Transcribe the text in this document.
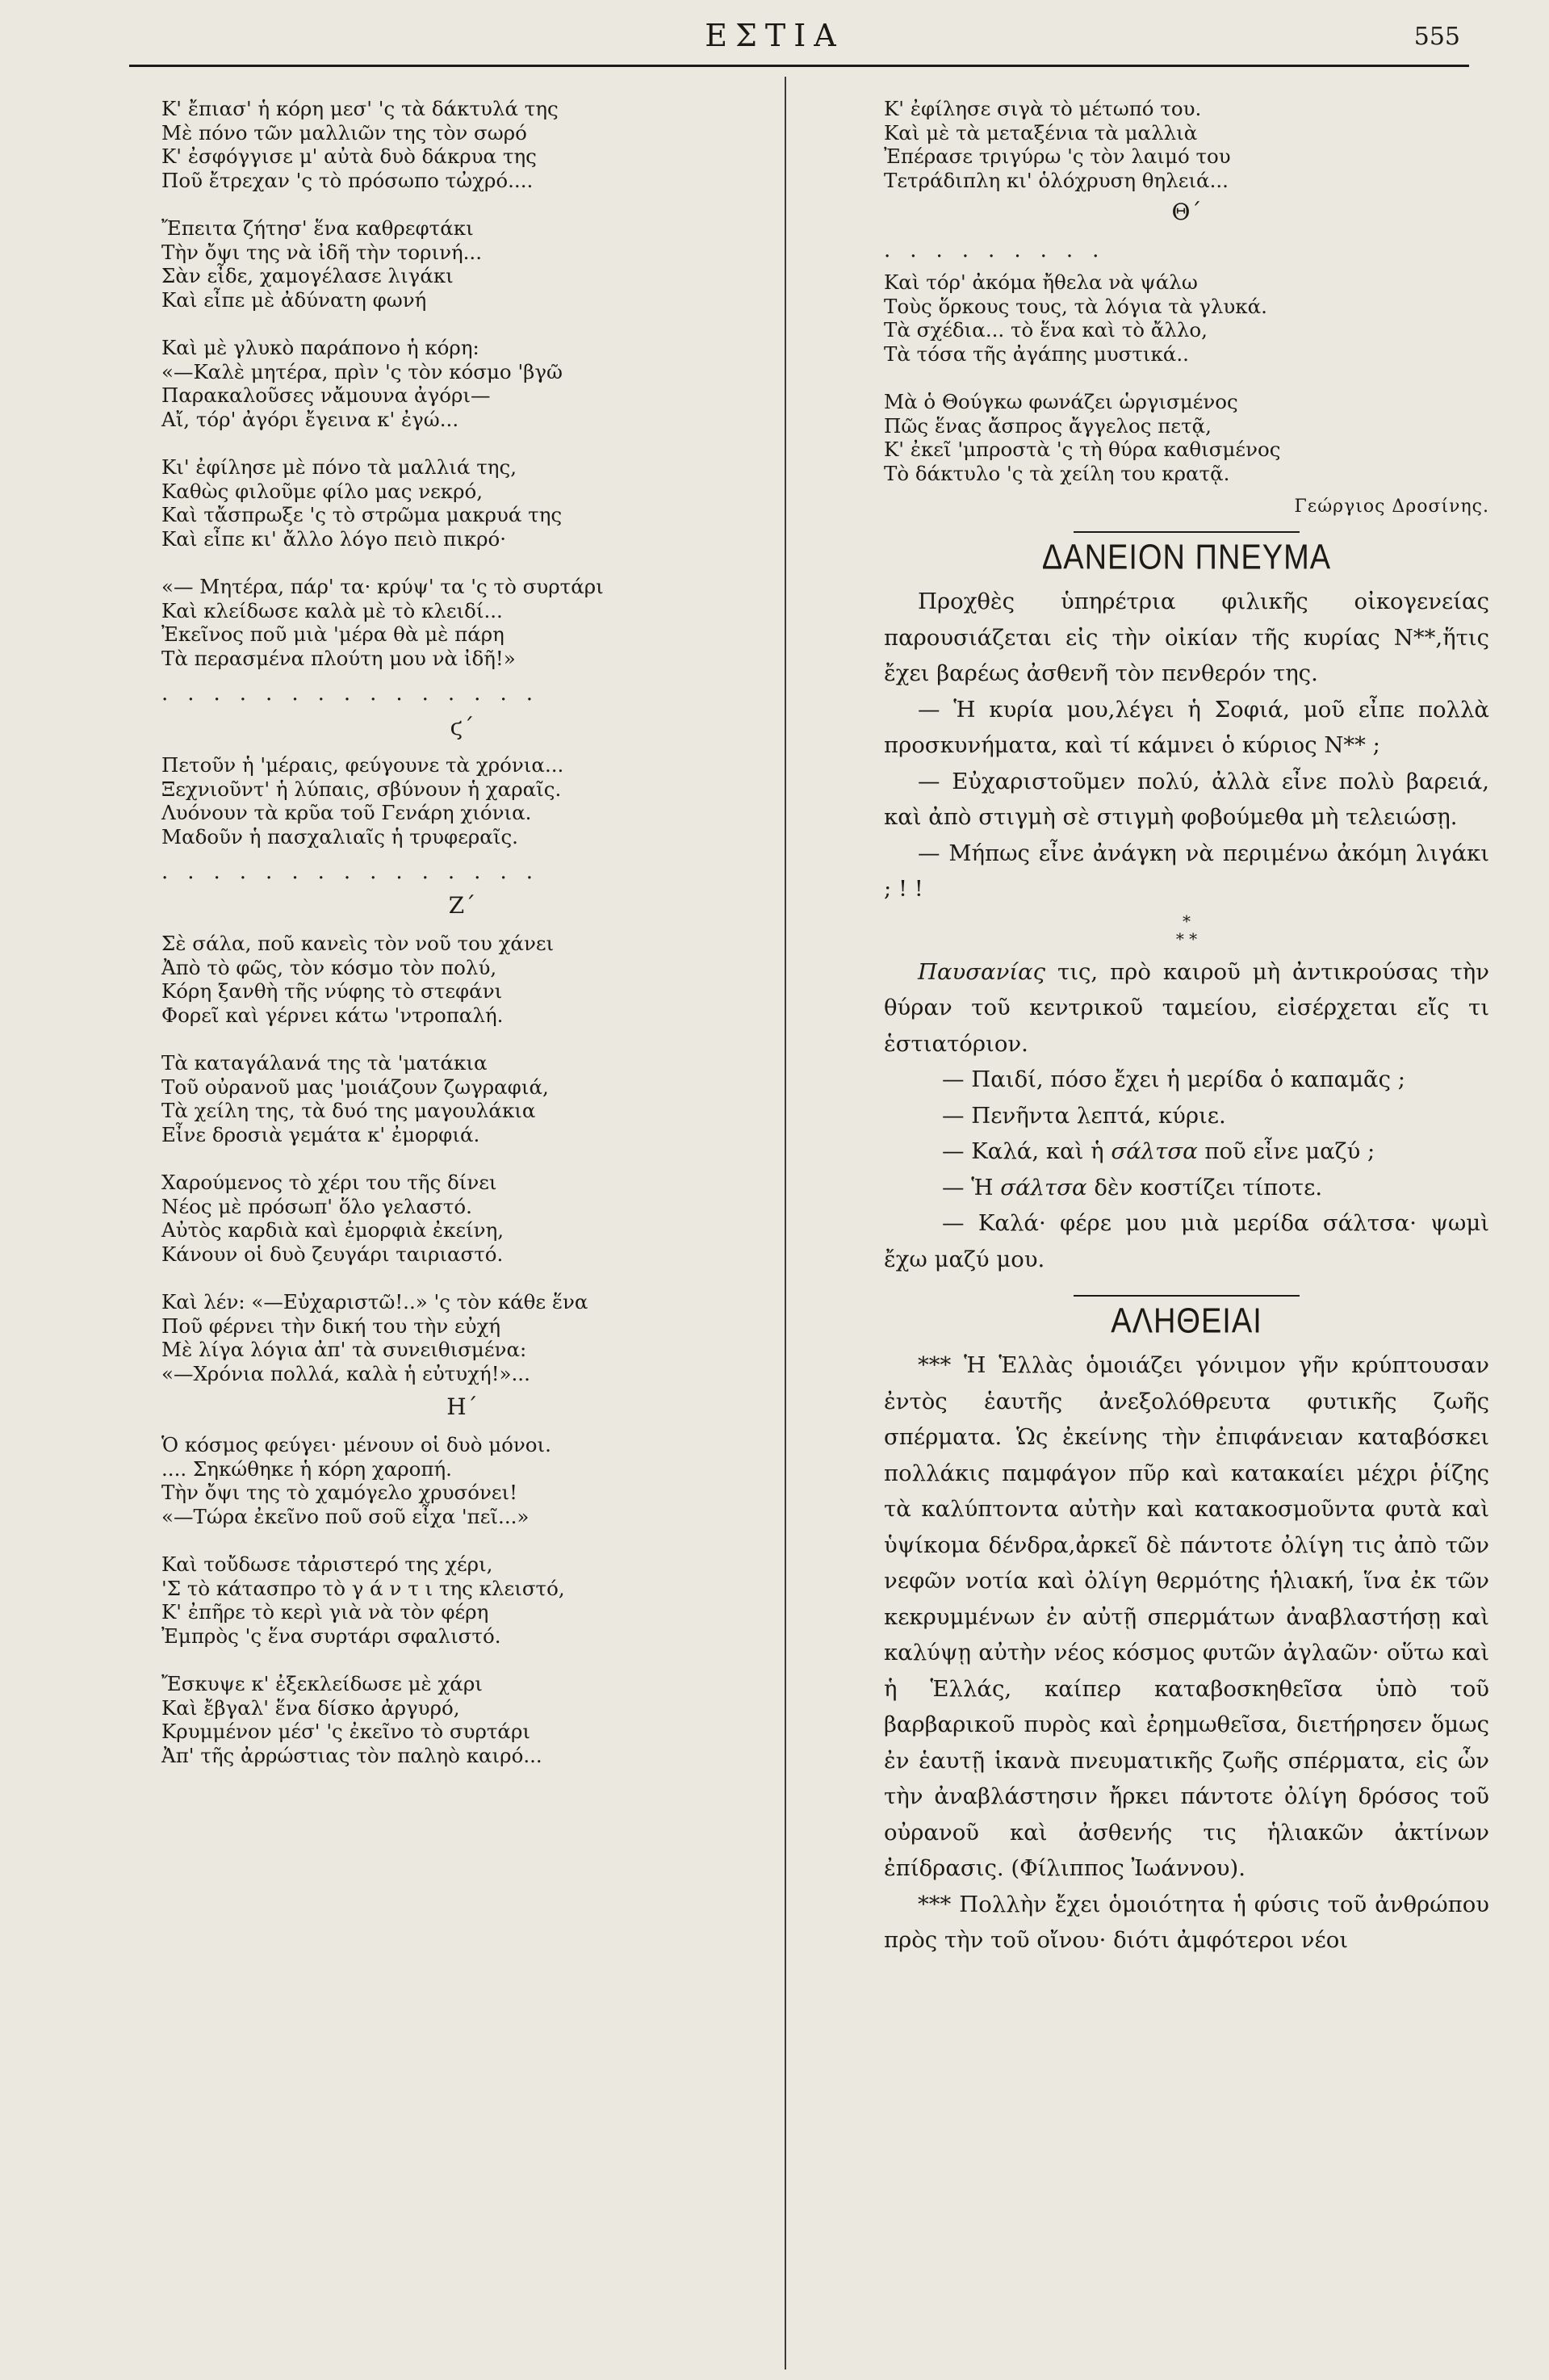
ΕΣΤΙΑ	555

Κ' ἔπιασ' ἡ κόρη μεσ' 'ς τὰ δάκτυλά της

Μὲ πόνο τῶν μαλλιῶν της τὸν σωρό

Κ' ἐσφόγγισε μ' αὐτὰ δυὸ δάκρυα της

Ποῦ ἔτρεχαν 'ς τὸ πρόσωπο τὠχρό....

Ἔπειτα ζήτησ' ἕνα καθρεφτάκι

Τὴν ὄψι της νὰ ἰδῆ τὴν τορινή...

Σὰν εἶδε, χαμογέλασε λιγάκι

Καὶ εἶπε μὲ ἀδύνατη φωνή

Καὶ μὲ γλυκὸ παράπονο ἡ κόρη:

«—Καλὲ μητέρα, πρὶν 'ς τὸν κόσμο 'βγῶ

Παρακαλοῦσες νἄμουνα ἀγόρι—

Αἴ, τόρ' ἀγόρι ἔγεινα κ' ἐγώ...

Κι' ἐφίλησε μὲ πόνο τὰ μαλλιά της,

Καθὼς φιλοῦμε φίλο μας νεκρό,

Καὶ τἄσπρωξε 'ς τὸ στρῶμα μακρυά της

Καὶ εἶπε κι' ἄλλο λόγο πειὸ πικρό·

«— Μητέρα, πάρ' τα· κρύψ' τα 'ς τὸ συρτάρι

Καὶ κλείδωσε καλὰ μὲ τὸ κλειδί...

Ἐκεῖνος ποῦ μιὰ 'μέρα θὰ μὲ πάρη

Τὰ περασμένα πλούτη μου νὰ ἰδῆ!»

...............
ϛ΄

Πετοῦν ἡ 'μέραις, φεύγουνε τὰ χρόνια...

Ξεχνιοῦντ' ἡ λύπαις, σβύνουν ἡ χαραῖς.

Λυόνουν τὰ κρῦα τοῦ Γενάρη χιόνια.

Μαδοῦν ἡ πασχαλιαῖς ἡ τρυφεραῖς.

...............
Ζ΄

Σὲ σάλα, ποῦ κανεὶς τὸν νοῦ του χάνει

Ἀπὸ τὸ φῶς, τὸν κόσμο τὸν πολύ,

Κόρη ξανθὴ τῆς νύφης τὸ στεφάνι

Φορεῖ καὶ γέρνει κάτω 'ντροπαλή.

Τὰ καταγάλανά της τὰ 'ματάκια

Τοῦ οὐρανοῦ μας 'μοιάζουν ζωγραφιά,

Τὰ χείλη της, τὰ δυό της μαγουλάκια

Εἶνε δροσιὰ γεμάτα κ' ἐμορφιά.

Χαρούμενος τὸ χέρι του τῆς δίνει

Νέος μὲ πρόσωπ' ὅλο γελαστό.

Αὐτὸς καρδιὰ καὶ ἐμορφιὰ ἐκείνη,

Κάνουν οἱ δυὸ ζευγάρι ταιριαστό.

Καὶ λέν: «—Εὐχαριστῶ!..» 'ς τὸν κάθε ἕνα

Ποῦ φέρνει τὴν δική του τὴν εὐχή

Μὲ λίγα λόγια ἀπ' τὰ συνειθισμένα:

«—Χρόνια πολλά, καλὰ ἡ εὐτυχή!»...

Η΄

Ὁ κόσμος φεύγει· μένουν οἱ δυὸ μόνοι.

.... Σηκώθηκε ἡ κόρη χαροπή.

Τὴν ὄψι της τὸ χαμόγελο χρυσόνει!

«—Τώρα ἐκεῖνο ποῦ σοῦ εἶχα 'πεῖ...»

Καὶ τοὔδωσε τἀριστερό της χέρι,

'Σ τὸ κάτασπρο τὸ γ ά ν τ ι της κλειστό,

Κ' ἐπῆρε τὸ κερὶ γιὰ νὰ τὸν φέρη

Ἐμπρὸς 'ς ἕνα συρτάρι σφαλιστό.

Ἔσκυψε κ' ἐξεκλείδωσε μὲ χάρι

Καὶ ἔβγαλ' ἕνα δίσκο ἀργυρό,

Κρυμμένον μέσ' 'ς ἐκεῖνο τὸ συρτάρι

Ἀπ' τῆς ἀρρώστιας τὸν παληὸ καιρό...

Κ' ἐφίλησε σιγὰ τὸ μέτωπό του.

Καὶ μὲ τὰ μεταξένια τὰ μαλλιὰ

Ἐπέρασε τριγύρω 'ς τὸν λαιμό του

Τετράδιπλη κι' ὁλόχρυση θηλειά...

Θ΄
.........

Καὶ τόρ' ἀκόμα ἤθελα νὰ ψάλω

Τοὺς ὅρκους τους, τὰ λόγια τὰ γλυκά.

Τὰ σχέδια... τὸ ἕνα καὶ τὸ ἄλλο,

Τὰ τόσα τῆς ἀγάπης μυστικά..

Μὰ ὁ Θούγκω φωνάζει ὡργισμένος

Πῶς ἕνας ἄσπρος ἄγγελος πετᾷ,

Κ' ἐκεῖ 'μπροστὰ 'ς τὴ θύρα καθισμένος

Τὸ δάκτυλο 'ς τὰ χείλη του κρατᾷ.

Γεώργιος Δροσίνης.
ΔΑΝΕΙΟΝ ΠΝΕΥΜΑ

Προχθὲς ὑπηρέτρια φιλικῆς οἰκογενείας παρουσιάζεται εἰς τὴν οἰκίαν τῆς κυρίας Ν**,ἥτις ἔχει βαρέως ἀσθενῆ τὸν πενθερόν της.

— Ἡ κυρία μου,λέγει ἡ Σοφιά, μοῦ εἶπε πολλὰ προσκυνήματα, καὶ τί κάμνει ὁ κύριος Ν** ;

— Εὐχαριστοῦμεν πολύ, ἀλλὰ εἶνε πολὺ βαρειά, καὶ ἀπὸ στιγμὴ σὲ στιγμὴ φοβούμεθα μὴ τελειώσῃ.

— Μήπως εἶνε ἀνάγκη νὰ περιμένω ἀκόμη λιγάκι ; ! !

*
* *

Παυσανίας τις, πρὸ καιροῦ μὴ ἀντικρούσας τὴν θύραν τοῦ κεντρικοῦ ταμείου, εἰσέρχεται εἴς τι ἑστιατόριον.

— Παιδί, πόσο ἔχει ἡ μερίδα ὁ καπαμᾶς ;

— Πενῆντα λεπτά, κύριε.

— Καλά, καὶ ἡ σάλτσα ποῦ εἶνε μαζύ ;

— Ἡ σάλτσα δὲν κοστίζει τίποτε.

— Καλά· φέρε μου μιὰ μερίδα σάλτσα· ψωμὶ ἔχω μαζύ μου.

ΑΛΗΘΕΙΑΙ

*** Ἡ Ἑλλὰς ὁμοιάζει γόνιμον γῆν κρύπτουσαν ἐντὸς ἑαυτῆς ἀνεξολόθρευτα φυτικῆς ζωῆς σπέρματα. Ὡς ἐκείνης τὴν ἐπιφάνειαν καταβόσκει πολλάκις παμφάγον πῦρ καὶ κατακαίει μέχρι ῥίζης τὰ καλύπτοντα αὐτὴν καὶ κατακοσμοῦντα φυτὰ καὶ ὑψίκομα δένδρα,ἀρκεῖ δὲ πάντοτε ὀλίγη τις ἀπὸ τῶν νεφῶν νοτία καὶ ὀλίγη θερμότης ἡλιακή, ἵνα ἐκ τῶν κεκρυμμένων ἐν αὐτῇ σπερμάτων ἀναβλαστήσῃ καὶ καλύψῃ αὐτὴν νέος κόσμος φυτῶν ἀγλαῶν· οὕτω καὶ ἡ Ἑλλάς, καίπερ καταβοσκηθεῖσα ὑπὸ τοῦ βαρβαρικοῦ πυρὸς καὶ ἐρημωθεῖσα, διετήρησεν ὅμως ἐν ἑαυτῇ ἱκανὰ πνευματικῆς ζωῆς σπέρματα, εἰς ὧν τὴν ἀναβλάστησιν ἤρκει πάντοτε ὀλίγη δρόσος τοῦ οὐρανοῦ καὶ ἀσθενής τις ἡλιακῶν ἀκτίνων ἐπίδρασις. (Φίλιππος Ἰωάννου).

*** Πολλὴν ἔχει ὁμοιότητα ἡ φύσις τοῦ ἀνθρώπου πρὸς τὴν τοῦ οἴνου· διότι ἀμφότεροι νέοι
